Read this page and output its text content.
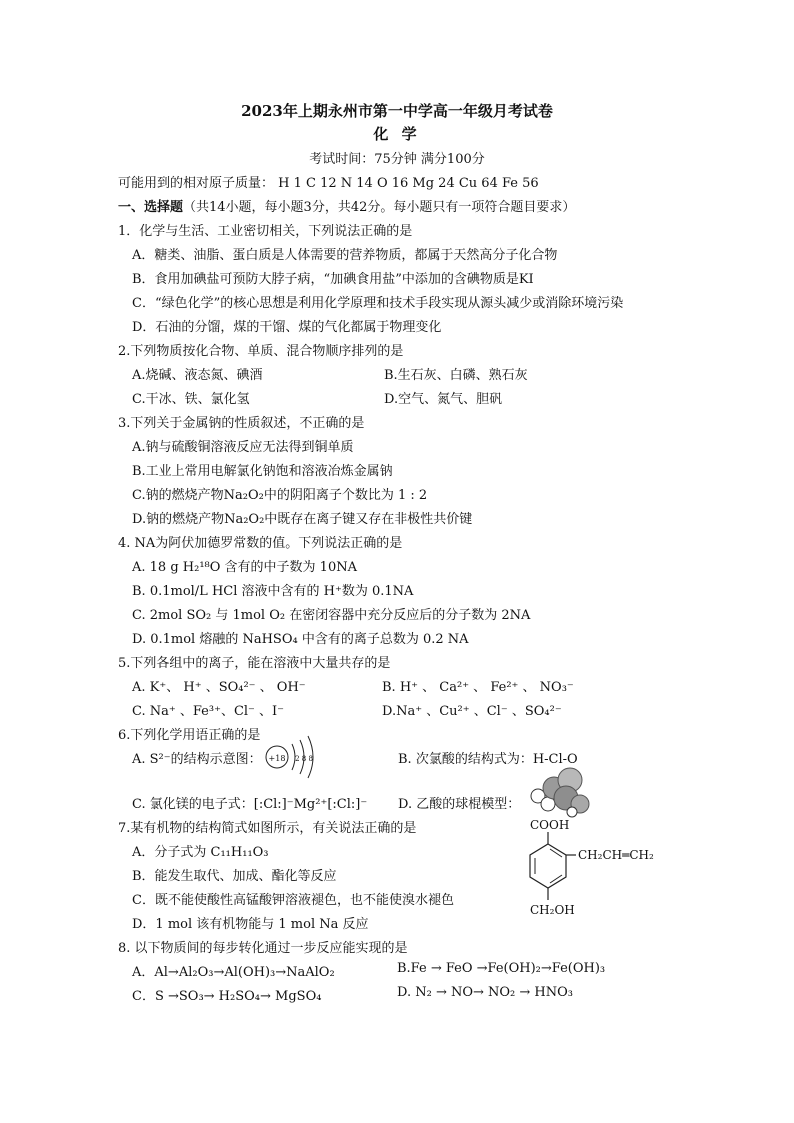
2023年上期永州市第一中学高一年级月考试卷
化 学
考试时间：75分钟 满分100分
可能用到的相对原子质量： H 1 C 12 N 14 O 16 Mg 24 Cu 64 Fe 56
一、选择题（共14小题，每小题3分，共42分。每小题只有一项符合题目要求）
1．化学与生活、工业密切相关，下列说法正确的是
A．糖类、油脂、蛋白质是人体需要的营养物质，都属于天然高分子化合物
B．食用加碘盐可预防大脖子病，“加碘食用盐”中添加的含碘物质是KI
C．“绿色化学”的核心思想是利用化学原理和技术手段实现从源头减少或消除环境污染
D．石油的分馏，煤的干馏、煤的气化都属于物理变化
2.下列物质按化合物、单质、混合物顺序排列的是
A.烧碱、液态氮、碘酒	B.生石灰、白磷、熟石灰
C.干冰、铁、氯化氢	D.空气、氮气、胆矾
3.下列关于金属钠的性质叙述，不正确的是
A.钠与硫酸铜溶液反应无法得到铜单质
B.工业上常用电解氯化钠饱和溶液冶炼金属钠
C.钠的燃烧产物Na₂O₂中的阴阳离子个数比为 1 : 2
D.钠的燃烧产物Na₂O₂中既存在离子键又存在非极性共价键
4. NA为阿伏加德罗常数的值。下列说法正确的是
A. 18 g H₂¹⁸O 含有的中子数为 10NA
B. 0.1mol/L HCl 溶液中含有的 H⁺数为 0.1NA
C. 2mol SO₂ 与 1mol O₂ 在密闭容器中充分反应后的分子数为 2NA
D. 0.1mol 熔融的 NaHSO₄ 中含有的离子总数为 0.2 NA
5.下列各组中的离子，能在溶液中大量共存的是
A. K⁺、 H⁺ 、SO₄²⁻ 、 OH⁻	B. H⁺ 、 Ca²⁺ 、 Fe²⁺ 、 NO₃⁻
C. Na⁺ 、Fe³⁺、Cl⁻ 、I⁻	D.Na⁺ 、Cu²⁺ 、Cl⁻ 、SO₄²⁻
6.下列化学用语正确的是
A. S²⁻的结构示意图： +18 2 8 8	B. 次氯酸的结构式为：H-Cl-O
C. 氯化镁的电子式：[:Cl:]⁻Mg²⁺[:Cl:]⁻ D. 乙酸的球棍模型：
7.某有机物的结构简式如图所示，有关说法正确的是
A．分子式为 C₁₁H₁₁O₃
B．能发生取代、加成、酯化等反应
C．既不能使酸性高锰酸钾溶液褪色，也不能使溴水褪色
D．1 mol 该有机物能与 1 mol Na 反应
COOH
CH₂CH═CH₂
CH₂OH
8. 以下物质间的每步转化通过一步反应能实现的是
A．Al→Al₂O₃→Al(OH)₃→NaAlO₂	B.Fe → FeO →Fe(OH)₂→Fe(OH)₃
C．S →SO₃→ H₂SO₄→ MgSO₄	D. N₂ → NO→ NO₂ → HNO₃
